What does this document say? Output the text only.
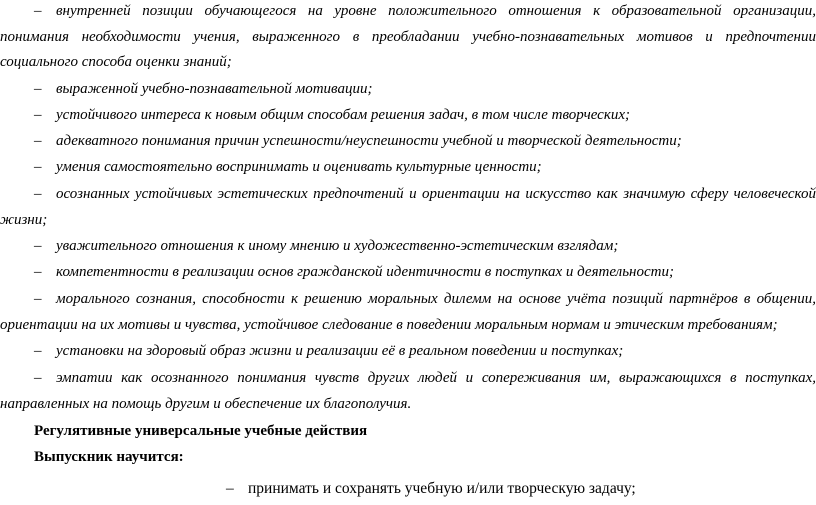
– внутренней позиции обучающегося на уровне положительного отношения к образовательной организации,
понимания необходимости учения, выраженного в преобладании учебно-познавательных мотивов и предпочтении
социального способа оценки знаний;
– выраженной учебно-познавательной мотивации;
– устойчивого интереса к новым общим способам решения задач, в том числе творческих;
– адекватного понимания причин успешности/неуспешности учебной и творческой деятельности;
– умения самостоятельно воспринимать и оценивать культурные ценности;
– осознанных устойчивых эстетических предпочтений и ориентации на искусство как значимую сферу человеческой
жизни;
– уважительного отношения к иному мнению и художественно-эстетическим взглядам;
– компетентности в реализации основ гражданской идентичности в поступках и деятельности;
– морального сознания, способности к решению моральных дилемм на основе учёта позиций партнёров в общении,
ориентации на их мотивы и чувства, устойчивое следование в поведении моральным нормам и этическим требованиям;
– установки на здоровый образ жизни и реализации её в реальном поведении и поступках;
– эмпатии как осознанного понимания чувств других людей и сопереживания им, выражающихся в поступках,
направленных на помощь другим и обеспечение их благополучия.
Регулятивные универсальные учебные действия
Выпускник научится:
– принимать и сохранять учебную и/или творческую задачу;
